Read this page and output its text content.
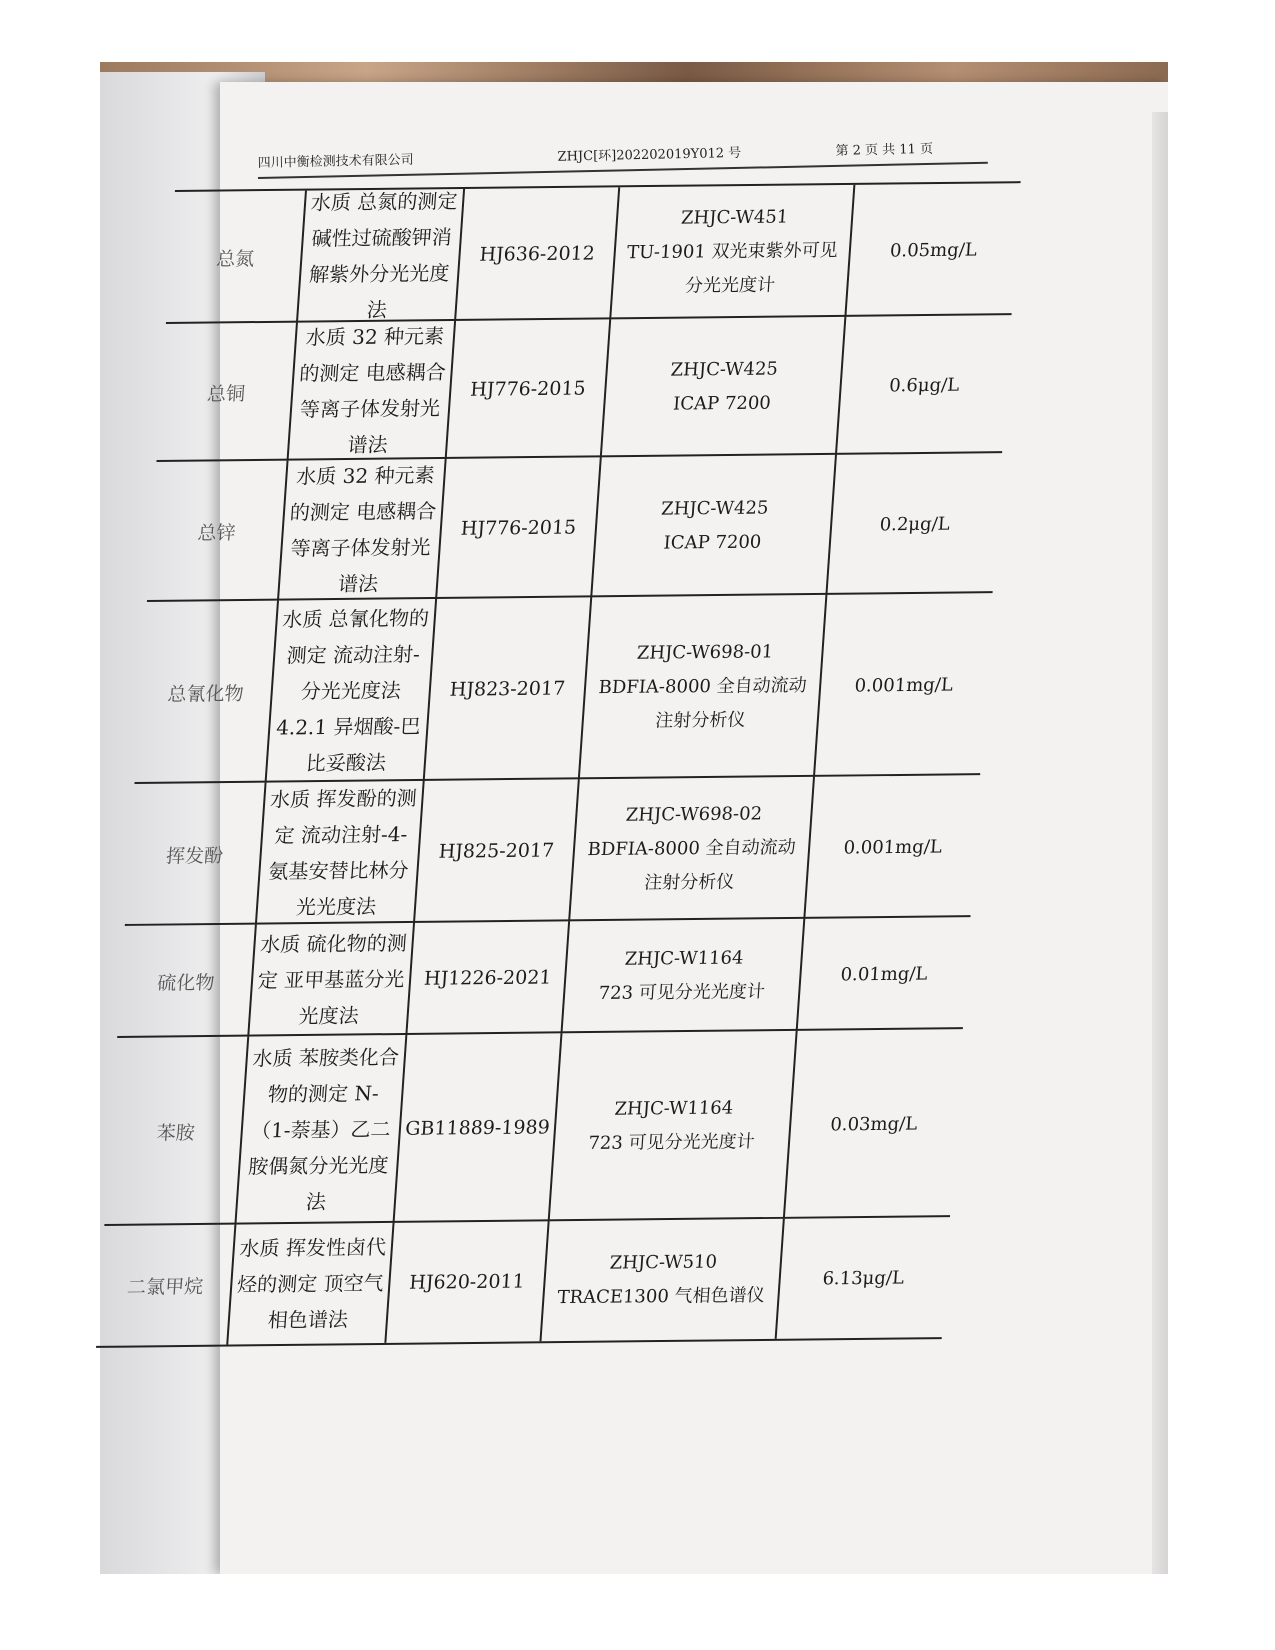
四川中衡检测技术有限公司	ZHJC[环]202202019Y012 号	第 2 页 共 11 页
总氮
水质 总氮的测定 碱性过硫酸钾消解紫外分光光度法
HJ636-2012
ZHJC-W451
TU-1901 双光束紫外可见分光光度计
0.05mg/L
总铜
水质 32 种元素的测定 电感耦合等离子体发射光谱法
HJ776-2015
ZHJC-W425
ICAP 7200
0.6μg/L
总锌
水质 32 种元素的测定 电感耦合等离子体发射光谱法
HJ776-2015
ZHJC-W425
ICAP 7200
0.2μg/L
总氰化物
水质 总氰化物的测定 流动注射-分光光度法 4.2.1 异烟酸-巴比妥酸法
HJ823-2017
ZHJC-W698-01
BDFIA-8000 全自动流动注射分析仪
0.001mg/L
挥发酚
水质 挥发酚的测定 流动注射-4-氨基安替比林分光光度法
HJ825-2017
ZHJC-W698-02
BDFIA-8000 全自动流动注射分析仪
0.001mg/L
硫化物
水质 硫化物的测定 亚甲基蓝分光光度法
HJ1226-2021
ZHJC-W1164
723 可见分光光度计
0.01mg/L
苯胺
水质 苯胺类化合物的测定 N-（1-萘基）乙二胺偶氮分光光度法
GB11889-1989
ZHJC-W1164
723 可见分光光度计
0.03mg/L
二氯甲烷
水质 挥发性卤代烃的测定 顶空气相色谱法
HJ620-2011
ZHJC-W510
TRACE1300 气相色谱仪
6.13μg/L
